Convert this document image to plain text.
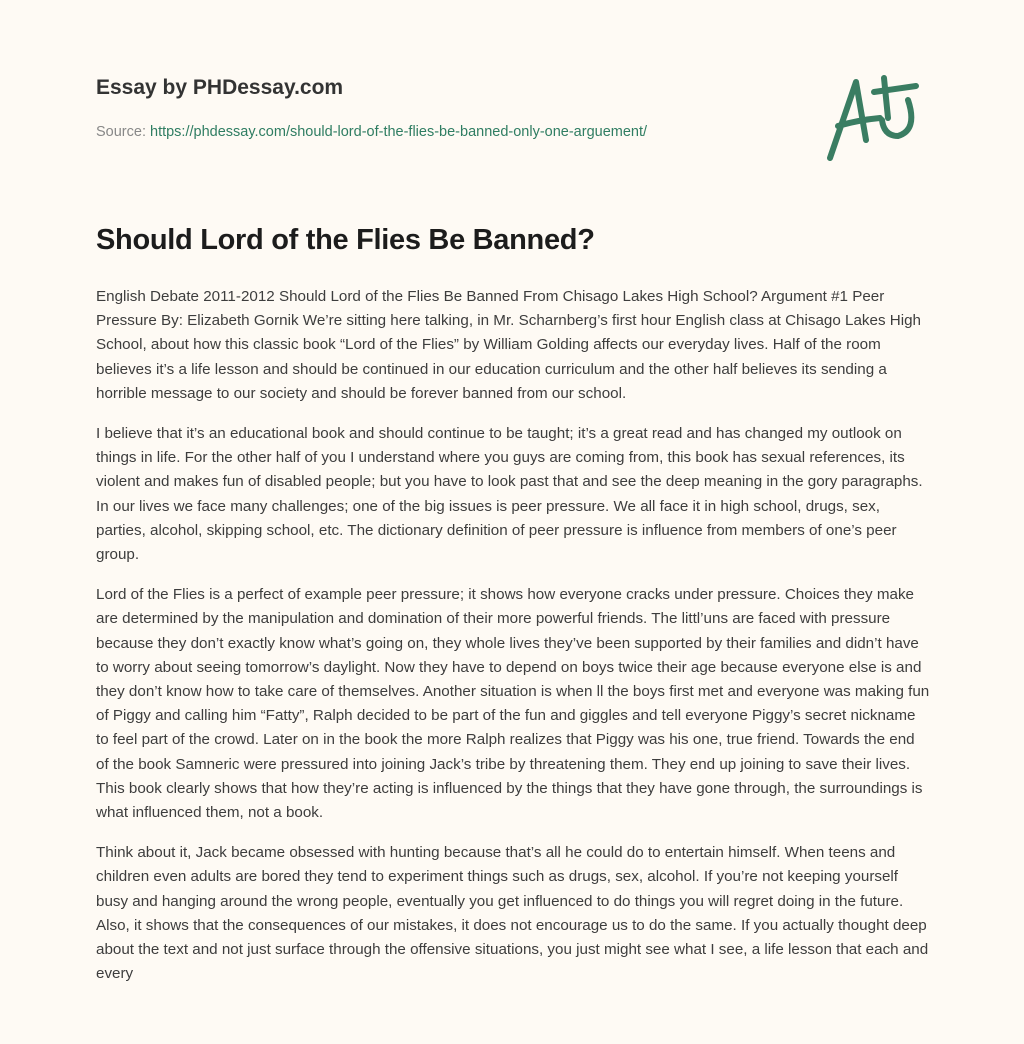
Essay by PHDessay.com
Source: https://phdessay.com/should-lord-of-the-flies-be-banned-only-one-arguement/
Should Lord of the Flies Be Banned?

English Debate 2011-2012 Should Lord of the Flies Be Banned From Chisago Lakes High School? Argument #1 Peer Pressure By: Elizabeth Gornik We’re sitting here talking, in Mr. Scharnberg’s first hour English class at Chisago Lakes High School, about how this classic book “Lord of the Flies” by William Golding affects our everyday lives. Half of the room believes it’s a life lesson and should be continued in our education curriculum and the other half believes its sending a horrible message to our society and should be forever banned from our school.

I believe that it’s an educational book and should continue to be taught; it’s a great read and has changed my outlook on things in life. For the other half of you I understand where you guys are coming from, this book has sexual references, its violent and makes fun of disabled people; but you have to look past that and see the deep meaning in the gory paragraphs. In our lives we face many challenges; one of the big issues is peer pressure. We all face it in high school, drugs, sex, parties, alcohol, skipping school, etc. The dictionary definition of peer pressure is influence from members of one’s peer group.

Lord of the Flies is a perfect of example peer pressure; it shows how everyone cracks under pressure. Choices they make are determined by the manipulation and domination of their more powerful friends. The littl’uns are faced with pressure because they don’t exactly know what’s going on, they whole lives they’ve been supported by their families and didn’t have to worry about seeing tomorrow’s daylight. Now they have to depend on boys twice their age because everyone else is and they don’t know how to take care of themselves. Another situation is when ll the boys first met and everyone was making fun of Piggy and calling him “Fatty”, Ralph decided to be part of the fun and giggles and tell everyone Piggy’s secret nickname to feel part of the crowd. Later on in the book the more Ralph realizes that Piggy was his one, true friend. Towards the end of the book Samneric were pressured into joining Jack’s tribe by threatening them. They end up joining to save their lives. This book clearly shows that how they’re acting is influenced by the things that they have gone through, the surroundings is what influenced them, not a book.

Think about it, Jack became obsessed with hunting because that’s all he could do to entertain himself. When teens and children even adults are bored they tend to experiment things such as drugs, sex, alcohol. If you’re not keeping yourself busy and hanging around the wrong people, eventually you get influenced to do things you will regret doing in the future. Also, it shows that the consequences of our mistakes, it does not encourage us to do the same. If you actually thought deep about the text and not just surface through the offensive situations, you just might see what I see, a life lesson that each and every
